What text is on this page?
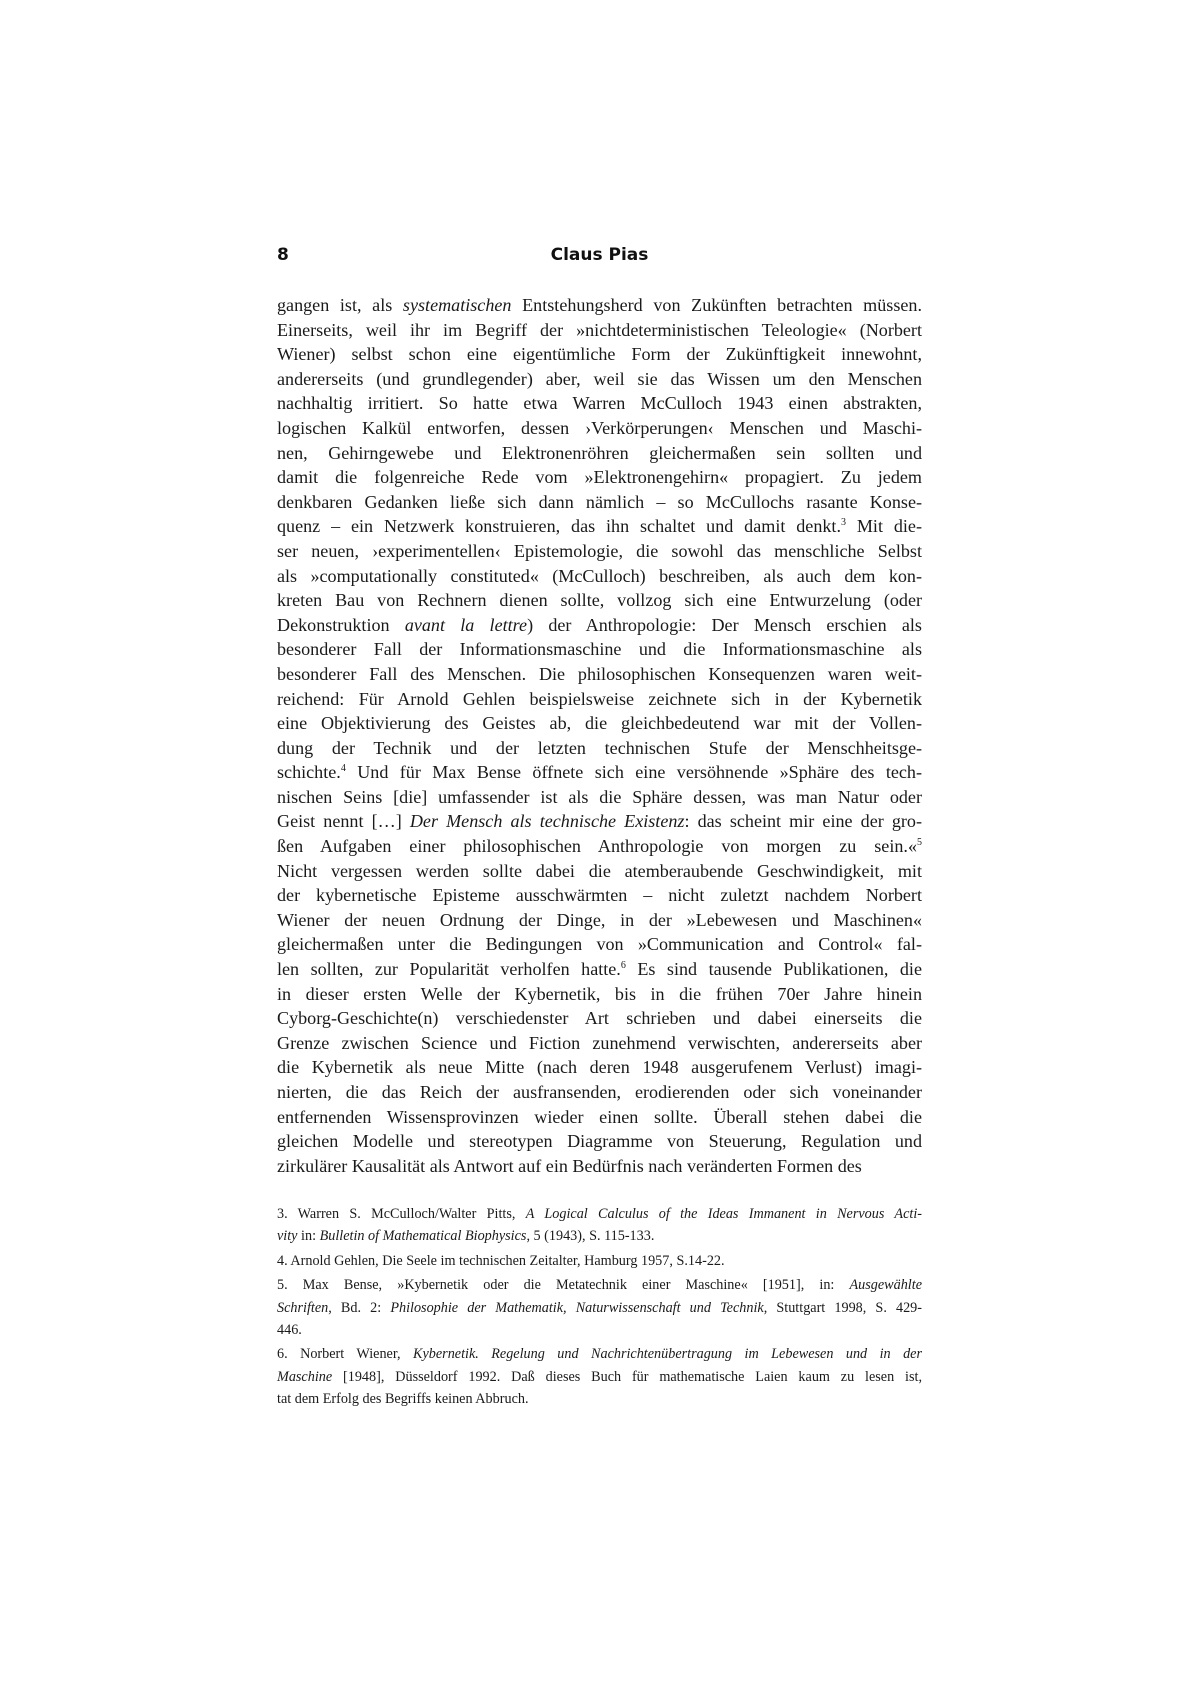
8	Claus Pias
gangen ist, als systematischen Entstehungsherd von Zukünften betrachten müssen.
Einerseits, weil ihr im Begriff der »nichtdeterministischen Teleologie« (Norbert
Wiener) selbst schon eine eigentümliche Form der Zukünftigkeit innewohnt,
andererseits (und grundlegender) aber, weil sie das Wissen um den Menschen
nachhaltig irritiert. So hatte etwa Warren McCulloch 1943 einen abstrakten,
logischen Kalkül entworfen, dessen ›Verkörperungen‹ Menschen und Maschi-
nen, Gehirngewebe und Elektronenröhren gleichermaßen sein sollten und
damit die folgenreiche Rede vom »Elektronengehirn« propagiert. Zu jedem
denkbaren Gedanken ließe sich dann nämlich – so McCullochs rasante Konse-
quenz – ein Netzwerk konstruieren, das ihn schaltet und damit denkt.$^3$ Mit die-
ser neuen, ›experimentellen‹ Epistemologie, die sowohl das menschliche Selbst
als »computationally constituted« (McCulloch) beschreiben, als auch dem kon-
kreten Bau von Rechnern dienen sollte, vollzog sich eine Entwurzelung (oder
Dekonstruktion avant la lettre) der Anthropologie: Der Mensch erschien als
besonderer Fall der Informationsmaschine und die Informationsmaschine als
besonderer Fall des Menschen. Die philosophischen Konsequenzen waren weit-
reichend: Für Arnold Gehlen beispielsweise zeichnete sich in der Kybernetik
eine Objektivierung des Geistes ab, die gleichbedeutend war mit der Vollen-
dung der Technik und der letzten technischen Stufe der Menschheitsge-
schichte.$^4$ Und für Max Bense öffnete sich eine versöhnende »Sphäre des tech-
nischen Seins [die] umfassender ist als die Sphäre dessen, was man Natur oder
Geist nennt […] Der Mensch als technische Existenz: das scheint mir eine der gro-
ßen Aufgaben einer philosophischen Anthropologie von morgen zu sein.«$^5$
Nicht vergessen werden sollte dabei die atemberaubende Geschwindigkeit, mit
der kybernetische Episteme ausschwärmten – nicht zuletzt nachdem Norbert
Wiener der neuen Ordnung der Dinge, in der »Lebewesen und Maschinen«
gleichermaßen unter die Bedingungen von »Communication and Control« fal-
len sollten, zur Popularität verholfen hatte.$^6$ Es sind tausende Publikationen, die
in dieser ersten Welle der Kybernetik, bis in die frühen 70er Jahre hinein
Cyborg-Geschichte(n) verschiedenster Art schrieben und dabei einerseits die
Grenze zwischen Science und Fiction zunehmend verwischten, andererseits aber
die Kybernetik als neue Mitte (nach deren 1948 ausgerufenem Verlust) imagi-
nierten, die das Reich der ausfransenden, erodierenden oder sich voneinander
entfernenden Wissensprovinzen wieder einen sollte. Überall stehen dabei die
gleichen Modelle und stereotypen Diagramme von Steuerung, Regulation und
zirkulärer Kausalität als Antwort auf ein Bedürfnis nach veränderten Formen des
3. Warren S. McCulloch/Walter Pitts, A Logical Calculus of the Ideas Immanent in Nervous Acti-
vity in: Bulletin of Mathematical Biophysics, 5 (1943), S. 115-133.
4. Arnold Gehlen, Die Seele im technischen Zeitalter, Hamburg 1957, S.14-22.
5. Max Bense, »Kybernetik oder die Metatechnik einer Maschine« [1951], in: Ausgewählte
Schriften, Bd. 2: Philosophie der Mathematik, Naturwissenschaft und Technik, Stuttgart 1998, S. 429-
446.
6. Norbert Wiener, Kybernetik. Regelung und Nachrichtenübertragung im Lebewesen und in der
Maschine [1948], Düsseldorf 1992. Daß dieses Buch für mathematische Laien kaum zu lesen ist,
tat dem Erfolg des Begriffs keinen Abbruch.
